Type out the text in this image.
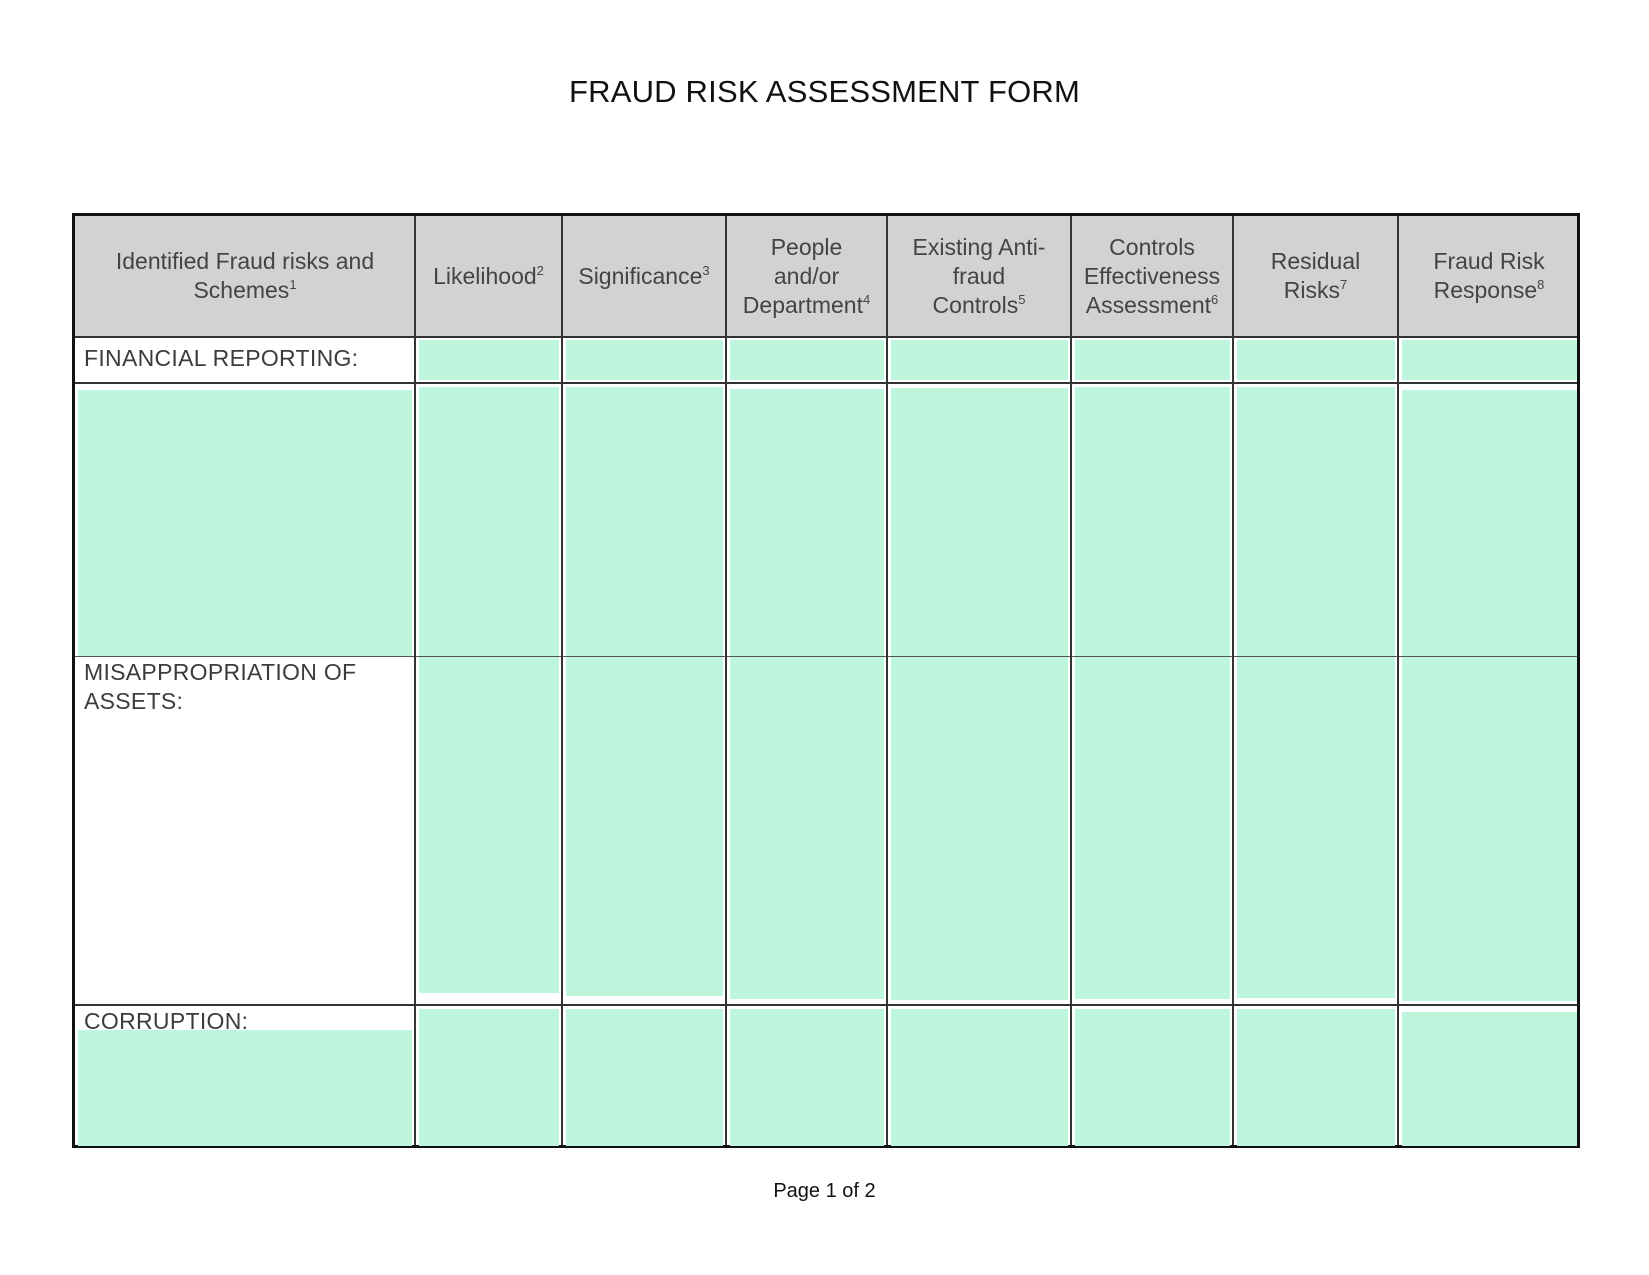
FRAUD RISK ASSESSMENT FORM
Identified Fraud risks and Schemes$^1$	Likelihood$^2$ Significance$^3$
People and/or Department$^4$
Existing Anti-fraud Controls$^5$
Controls Effectiveness Assessment$^6$
Residual Risks$^7$
Fraud Risk Response$^8$
FINANCIAL REPORTING:
MISAPPROPRIATION OF ASSETS:
CORRUPTION:
Page 1 of 2
